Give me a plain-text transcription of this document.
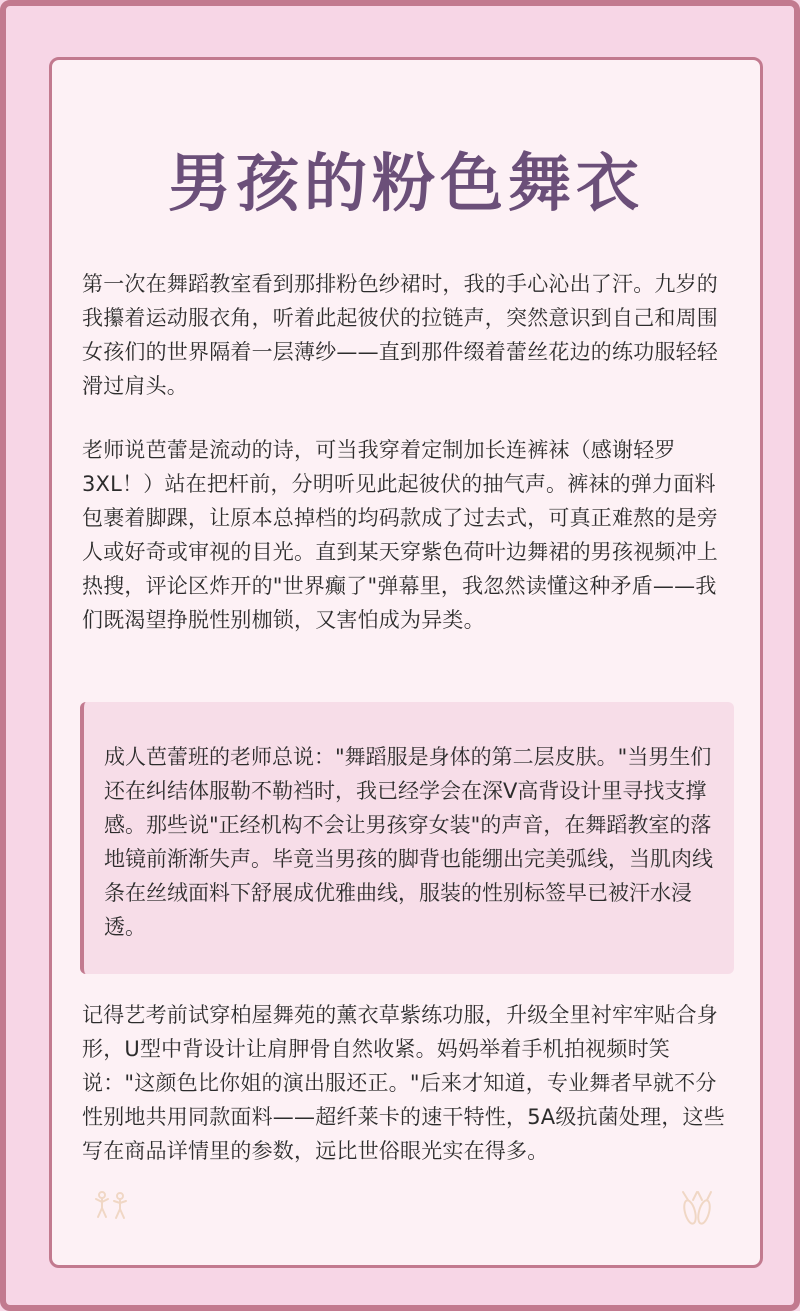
男孩的粉色舞衣

第一次在舞蹈教室看到那排粉色纱裙时，我的手心沁出了汗。九岁的我攥着运动服衣角，听着此起彼伏的拉链声，突然意识到自己和周围女孩们的世界隔着一层薄纱——直到那件缀着蕾丝花边的练功服轻轻滑过肩头。

老师说芭蕾是流动的诗，可当我穿着定制加长连裤袜（感谢轻罗3XL！）站在把杆前，分明听见此起彼伏的抽气声。裤袜的弹力面料包裹着脚踝，让原本总掉档的均码款成了过去式，可真正难熬的是旁人或好奇或审视的目光。直到某天穿紫色荷叶边舞裙的男孩视频冲上热搜，评论区炸开的"世界癫了"弹幕里，我忽然读懂这种矛盾——我们既渴望挣脱性别枷锁，又害怕成为异类。

成人芭蕾班的老师总说："舞蹈服是身体的第二层皮肤。"当男生们还在纠结体服勒不勒裆时，我已经学会在深V高背设计里寻找支撑感。那些说"正经机构不会让男孩穿女装"的声音，在舞蹈教室的落地镜前渐渐失声。毕竟当男孩的脚背也能绷出完美弧线，当肌肉线条在丝绒面料下舒展成优雅曲线，服装的性别标签早已被汗水浸透。

记得艺考前试穿柏屋舞苑的薰衣草紫练功服，升级全里衬牢牢贴合身形，U型中背设计让肩胛骨自然收紧。妈妈举着手机拍视频时笑说："这颜色比你姐的演出服还正。"后来才知道，专业舞者早就不分性别地共用同款面料——超纤莱卡的速干特性，5A级抗菌处理，这些写在商品详情里的参数，远比世俗眼光实在得多。
